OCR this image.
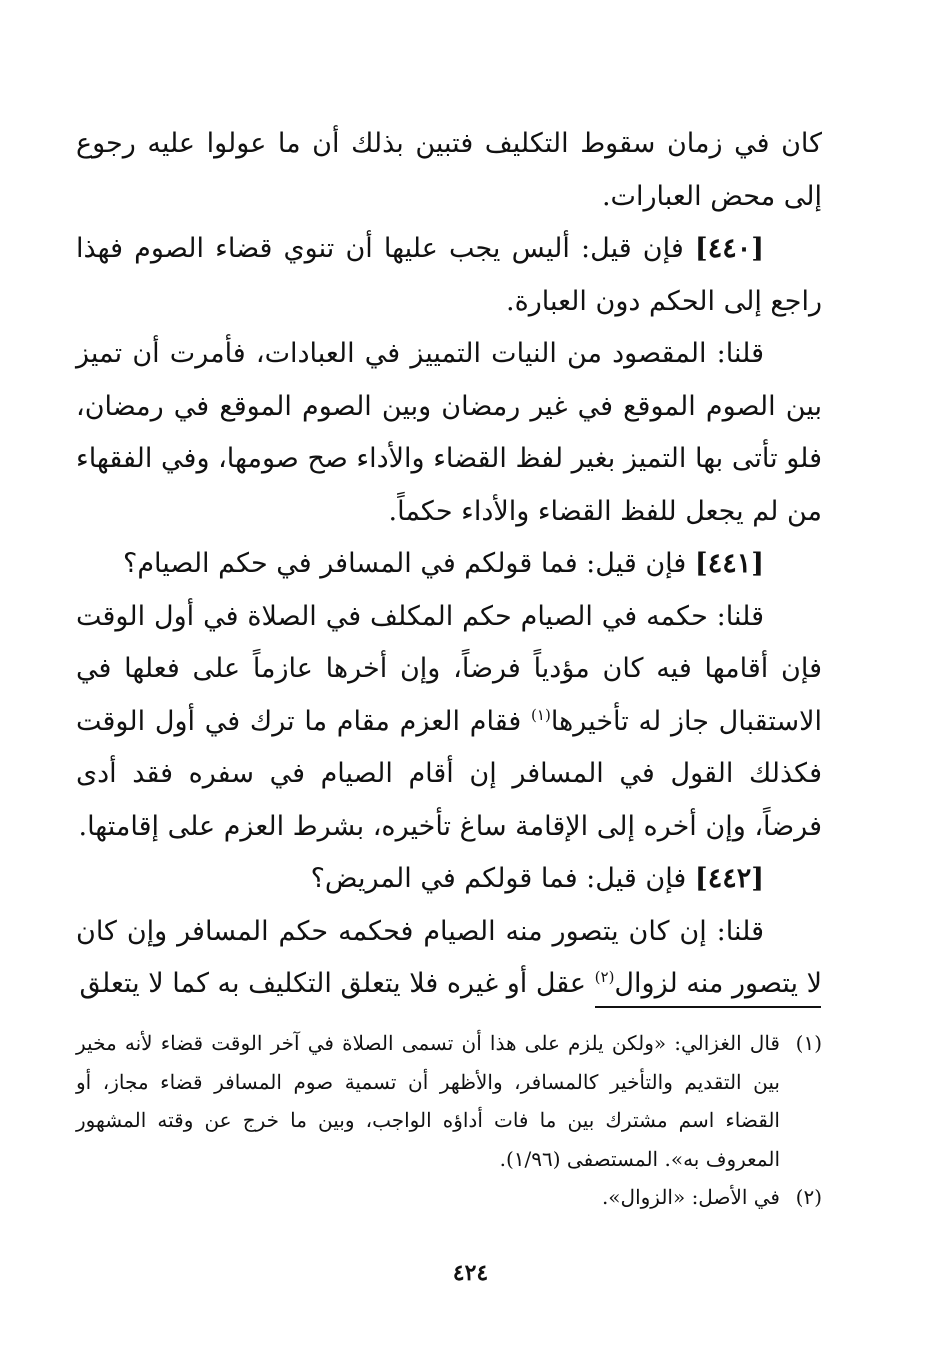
كان في زمان سقوط التكليف فتبين بذلك أن ما عولوا عليه رجوع إلى محض العبارات.

[٤٤٠] فإن قيل: أليس يجب عليها أن تنوي قضاء الصوم فهذا راجع إلى الحكم دون العبارة.

قلنا: المقصود من النيات التمييز في العبادات، فأمرت أن تميز بين الصوم الموقع في غير رمضان وبين الصوم الموقع في رمضان، فلو تأتى بها التميز بغير لفظ القضاء والأداء صح صومها، وفي الفقهاء من لم يجعل للفظ القضاء والأداء حكماً.

[٤٤١] فإن قيل: فما قولكم في المسافر في حكم الصيام؟

قلنا: حكمه في الصيام حكم المكلف في الصلاة في أول الوقت فإن أقامها فيه كان مؤدياً فرضاً، وإن أخرها عازماً على فعلها في الاستقبال جاز له تأخيرها$^{(١)}$ فقام العزم مقام ما ترك في أول الوقت فكذلك القول في المسافر إن أقام الصيام في سفره فقد أدى فرضاً، وإن أخره إلى الإقامة ساغ تأخيره، بشرط العزم على إقامتها.

[٤٤٢] فإن قيل: فما قولكم في المريض؟

قلنا: إن كان يتصور منه الصيام فحكمه حكم المسافر وإن كان لا يتصور منه لزوال$^{(٢)}$ عقل أو غيره فلا يتعلق التكليف به كما لا يتعلق

(١)
قال الغزالي: «ولكن يلزم على هذا أن تسمى الصلاة في آخر الوقت قضاء لأنه مخير بين التقديم والتأخير كالمسافر، والأظهر أن تسمية صوم المسافر قضاء مجاز، أو القضاء اسم مشترك بين ما فات أداؤه الواجب، وبين ما خرج عن وقته المشهور المعروف به». المستصفى (١/٩٦).

(٢)
في الأصل: «الزوال».

٤٢٤
